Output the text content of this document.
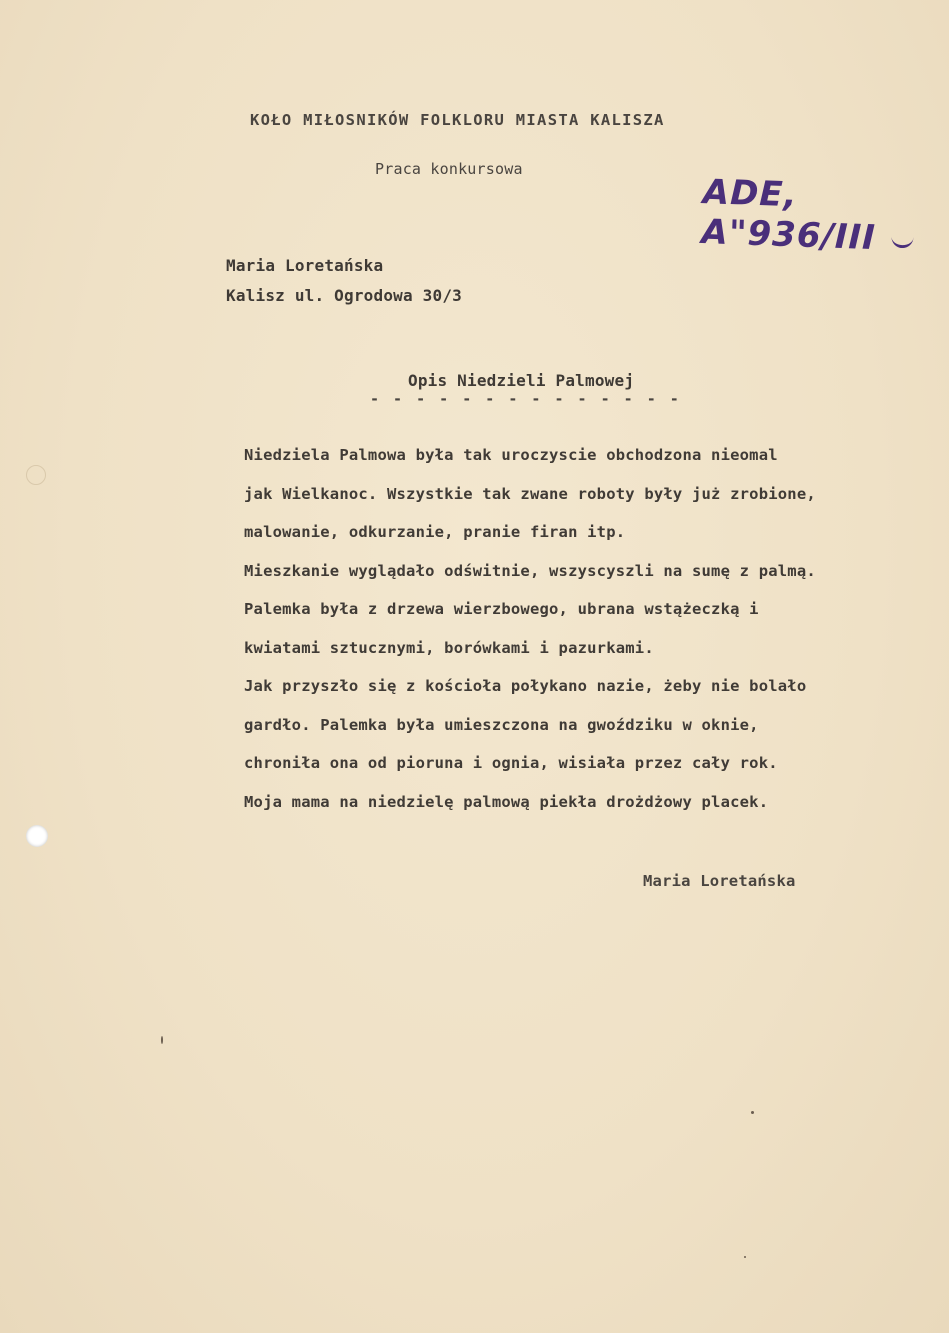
KOŁO MIŁOSNIKÓW FOLKLORU MIASTA KALISZA
Praca konkursowa
ADE, A"936/III
Maria Loretańska
Kalisz ul. Ogrodowa 30/3
Opis Niedzieli Palmowej
- - - - - - - - - - - - - -
Niedziela Palmowa była tak uroczyscie obchodzona nieomal
jak Wielkanoc. Wszystkie tak zwane roboty były już zrobione,
malowanie, odkurzanie, pranie firan itp.
Mieszkanie wyglądało odświtnie, wszyscyszli na sumę z palmą.
Palemka była z drzewa wierzbowego, ubrana wstążeczką i
kwiatami sztucznymi, borówkami i pazurkami.
Jak przyszło się z kościoła połykano nazie, żeby nie bolało
gardło. Palemka była umieszczona na gwoździku w oknie,
chroniła ona od pioruna i ognia, wisiała przez cały rok.
Moja mama na niedzielę palmową piekła drożdżowy placek.
Maria Loretańska
